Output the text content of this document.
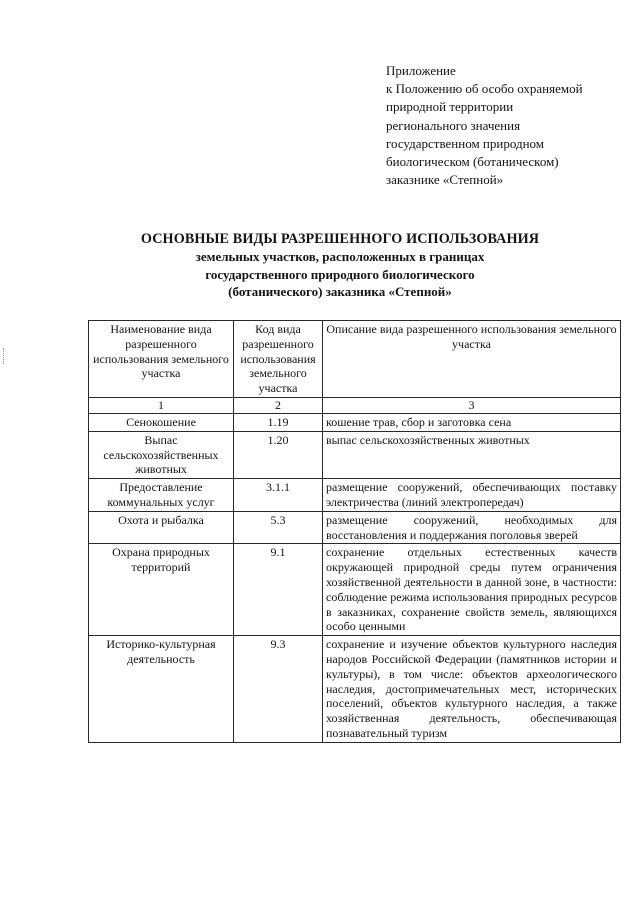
Приложение
к Положению об особо охраняемой
природной территории
регионального значения
государственном природном
биологическом (ботаническом)
заказнике «Степной»
ОСНОВНЫЕ ВИДЫ РАЗРЕШЕННОГО ИСПОЛЬЗОВАНИЯ
земельных участков, расположенных в границах
государственного природного биологического
(ботанического) заказника «Степной»
Наименование вида разрешенного использования земельного участка	Код вида разрешенного использования земельного участка	Описание вида разрешенного использования земельного участка
1	2	3
Сенокошение	1.19	кошение трав, сбор и заготовка сена
Выпас сельскохозяйственных животных	1.20	выпас сельскохозяйственных животных
Предоставление коммунальных услуг	3.1.1	размещение сооружений, обеспечивающих поставку электричества (линий электропередач)
Охота и рыбалка	5.3	размещение сооружений, необходимых для восстановления и поддержания поголовья зверей
Охрана природных территорий	9.1	сохранение отдельных естественных качеств окружающей природной среды путем ограничения хозяйственной деятельности в данной зоне, в частности: соблюдение режима использования природных ресурсов в заказниках, сохранение свойств земель, являющихся особо ценными
Историко-культурная деятельность	9.3	сохранение и изучение объектов культурного наследия народов Российской Федерации (памятников истории и культуры), в том числе: объектов археологического наследия, достопримечательных мест, исторических поселений, объектов культурного наследия, а также хозяйственная деятельность, обеспечивающая познавательный туризм
